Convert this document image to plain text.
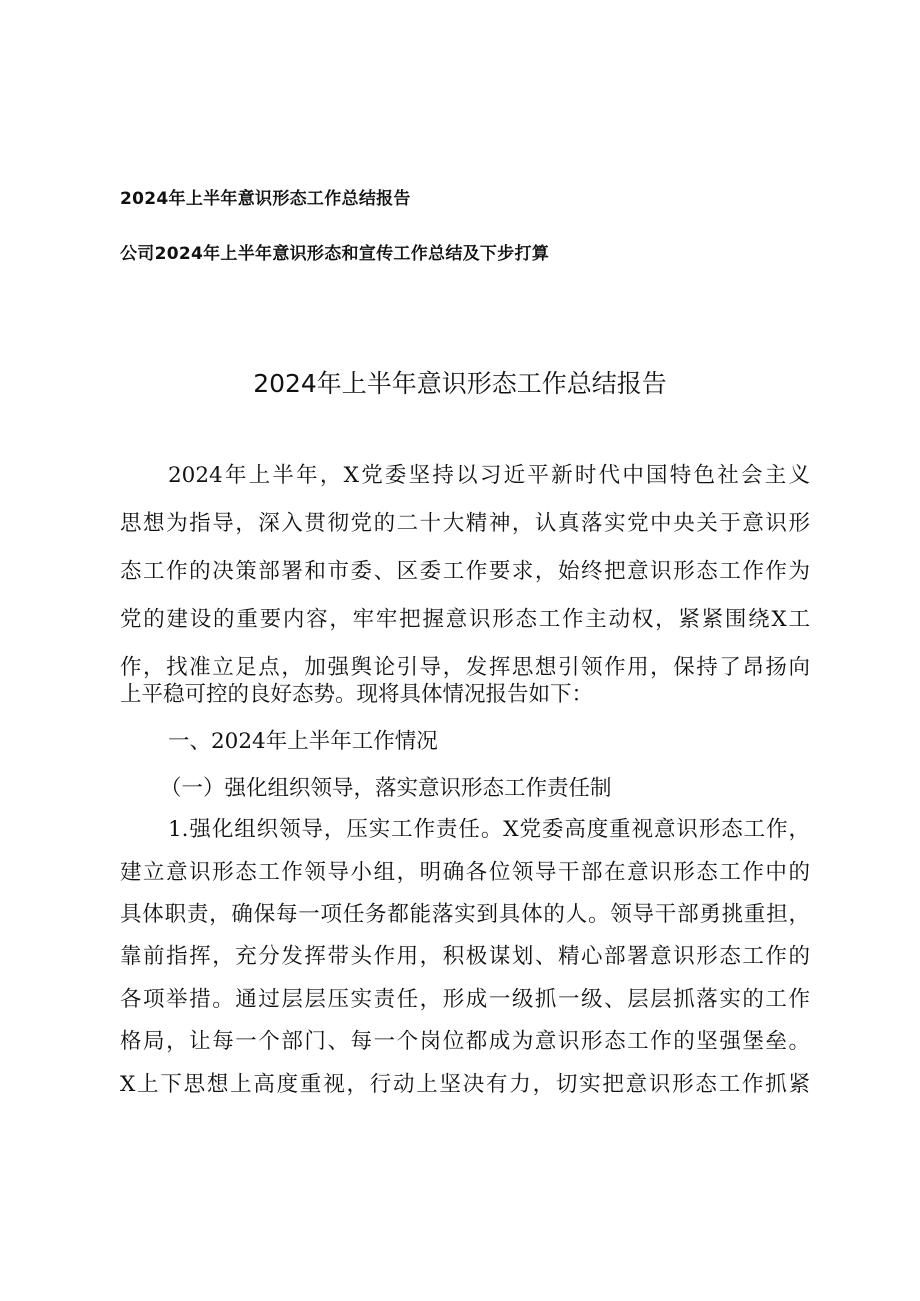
2024年上半年意识形态工作总结报告
公司2024年上半年意识形态和宣传工作总结及下步打算
2024年上半年意识形态工作总结报告
2024年上半年，X党委坚持以习近平新时代中国特色社会主义
思想为指导，深入贯彻党的二十大精神，认真落实党中央关于意识形
态工作的决策部署和市委、区委工作要求，始终把意识形态工作作为
党的建设的重要内容，牢牢把握意识形态工作主动权，紧紧围绕X工
作，找准立足点，加强舆论引导，发挥思想引领作用，保持了昂扬向
上平稳可控的良好态势。现将具体情况报告如下：
一、2024年上半年工作情况
（一）强化组织领导，落实意识形态工作责任制
1.强化组织领导，压实工作责任。X党委高度重视意识形态工作，
建立意识形态工作领导小组，明确各位领导干部在意识形态工作中的
具体职责，确保每一项任务都能落实到具体的人。领导干部勇挑重担，
靠前指挥，充分发挥带头作用，积极谋划、精心部署意识形态工作的
各项举措。通过层层压实责任，形成一级抓一级、层层抓落实的工作
格局，让每一个部门、每一个岗位都成为意识形态工作的坚强堡垒。
X上下思想上高度重视，行动上坚决有力，切实把意识形态工作抓紧
